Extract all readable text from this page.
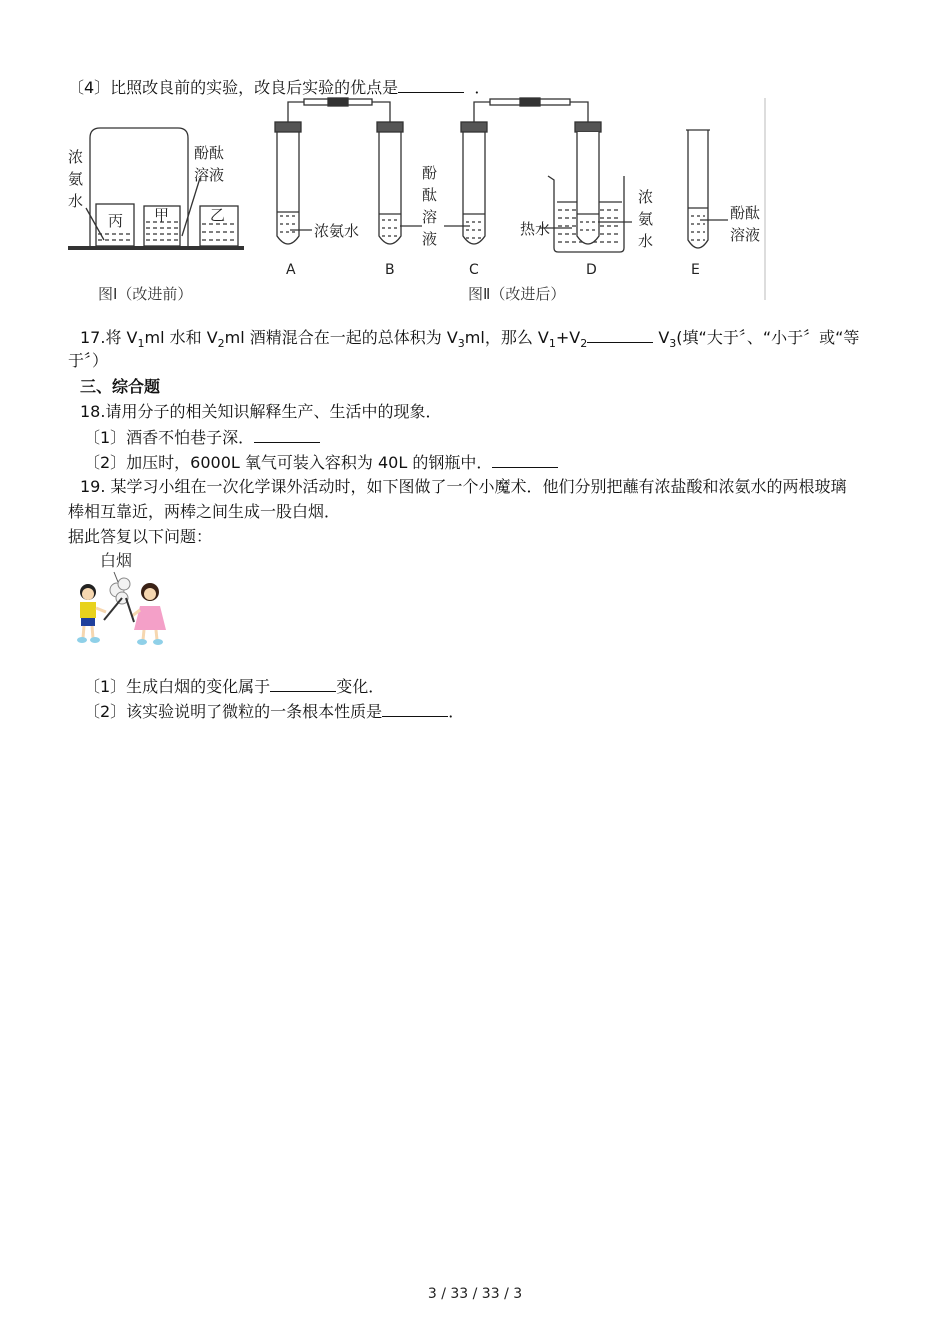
〔4〕比照改良前的实验，改良后实验的优点是	．
浓
氨
水
酚酞
溶液
丙 甲	乙
浓氨水
酚
酞
溶
液
热水
浓
氨
水
酚酞
溶液
A	B	C	D	E
图Ⅰ（改进前）	图Ⅱ（改进后）
17.将 $V_1ml$ 水和 $V_2ml$ 酒精混合在一起的总体积为 $V_3ml$，那么 $V_1+V_2$	$V_3$(填“大于〞、“小于〞或“等
于〞）
三、综合题
18.请用分子的相关知识解释生产、生活中的现象．
〔1〕酒香不怕巷子深．
〔2〕加压时，6000L 氧气可装入容积为 40L 的钢瓶中．
19. 某学习小组在一次化学课外活动时，如下图做了一个小魔术．他们分别把蘸有浓盐酸和浓氨水的两根玻璃
棒相互靠近，两棒之间生成一股白烟．
据此答复以下问题：
白烟
〔1〕生成白烟的变化属于	变化．
〔2〕该实验说明了微粒的一条根本性质是	．
3 / 33 / 33 / 3
